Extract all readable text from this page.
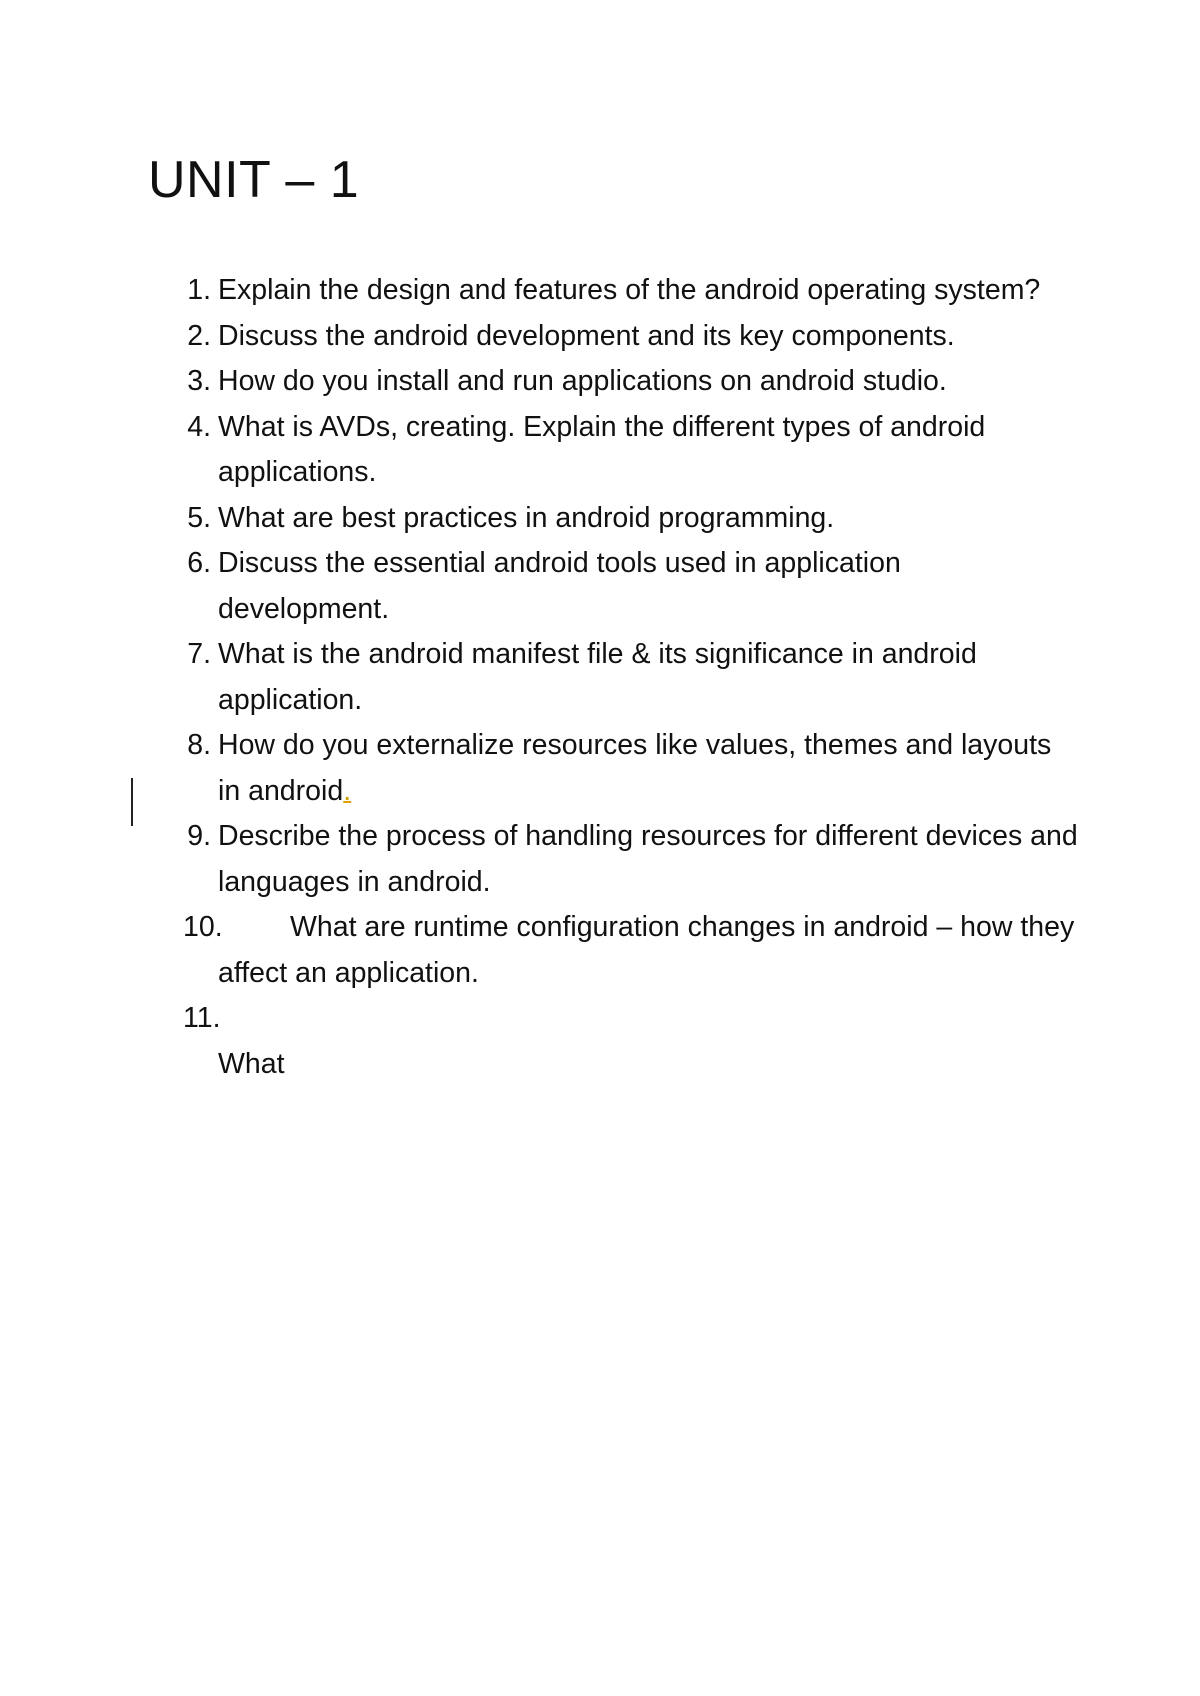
UNIT – 1
1. Explain the design and features of the android operating system?
2. Discuss the android development and its key components.
3. How do you install and run applications on android studio.
4. What is AVDs, creating. Explain the different types of android applications.
5. What are best practices in android programming.
6. Discuss the essential android tools used in application development.
7. What is the android manifest file & its significance in android application.
8. How do you externalize resources like values, themes and layouts in android.
9. Describe the process of handling resources for different devices and languages in android.
10. What are runtime configuration changes in android – how they affect an application.
11.
What
